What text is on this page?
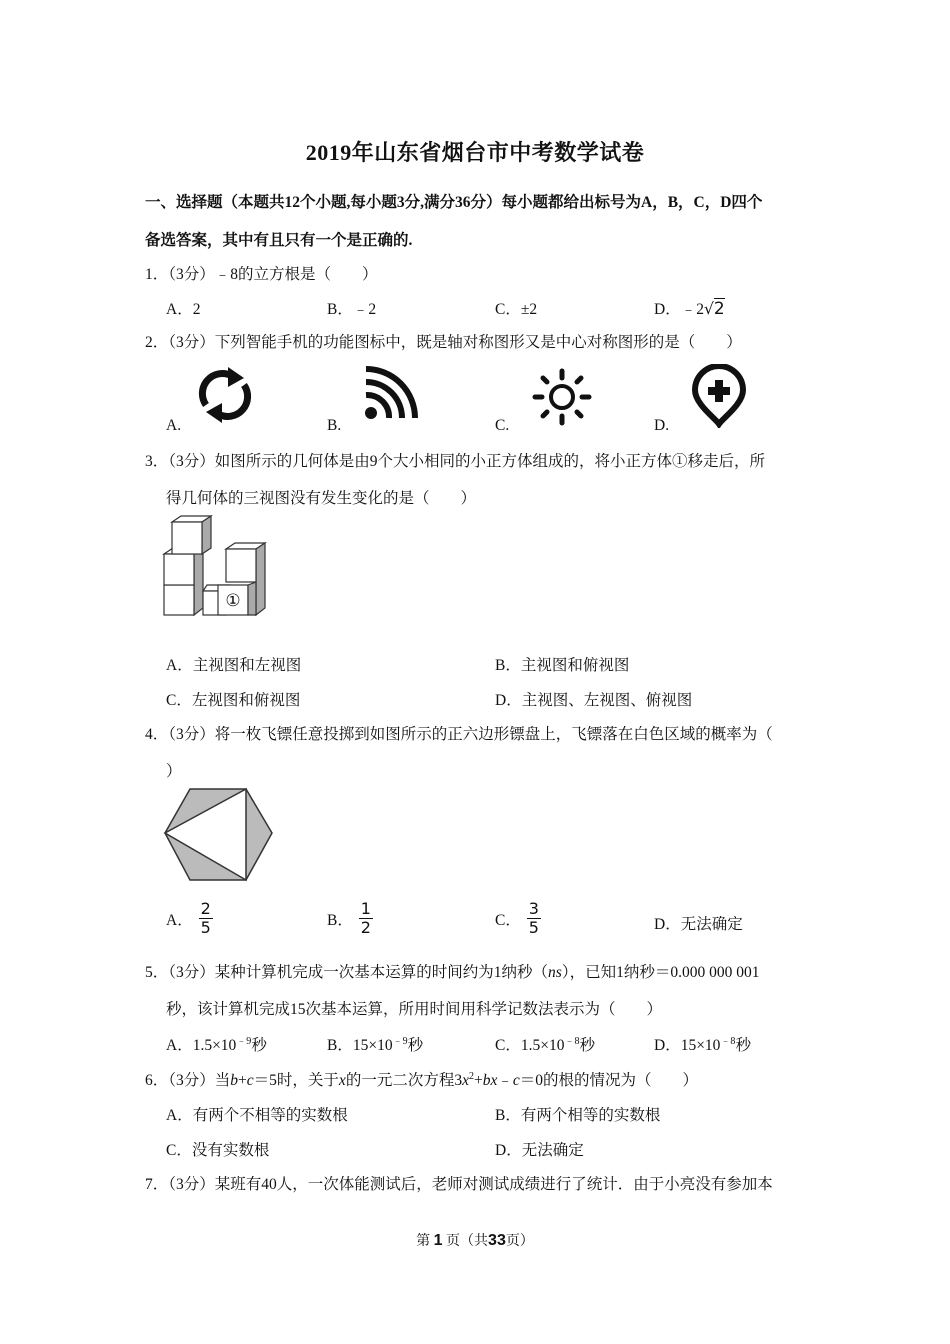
2019年山东省烟台市中考数学试卷
一、选择题（本题共12个小题,每小题3分,满分36分）每小题都给出标号为A，B，C，D四个
备选答案，其中有且只有一个是正确的.
1．（3分）﹣8的立方根是（　　）
A．2	B．﹣2	C．±2	D．﹣2√2
2．（3分）下列智能手机的功能图标中，既是轴对称图形又是中心对称图形的是（　　）
A.	B.	C.	D.
3．（3分）如图所示的几何体是由9个大小相同的小正方体组成的，将小正方体①移走后，所
得几何体的三视图没有发生变化的是（　　）
①
A．主视图和左视图	B．主视图和俯视图
C．左视图和俯视图	D．主视图、左视图、俯视图
4．（3分）将一枚飞镖任意投掷到如图所示的正六边形镖盘上，飞镖落在白色区域的概率为（
）
A． $\frac{2}{5}$	B． $\frac{1}{2}$	C． $\frac{3}{5}$	D．无法确定
5．（3分）某种计算机完成一次基本运算的时间约为1纳秒（ns），已知1纳秒＝0.000 000 001
秒，该计算机完成15次基本运算，所用时间用科学记数法表示为（　　）
A．$1.5\times 10^{﹣9}$秒	B．$15\times 10^{﹣9}$秒	C．$1.5\times 10^{﹣8}$秒	D．$15\times 10^{﹣8}$秒
6．（3分）当b+c＝5时，关于x的一元二次方程$3x^2+bx﹣c=0$的根的情况为（　　）
A．有两个不相等的实数根	B．有两个相等的实数根
C．没有实数根	D．无法确定
7．（3分）某班有40人，一次体能测试后，老师对测试成绩进行了统计．由于小亮没有参加本
第 1 页（共33页）
